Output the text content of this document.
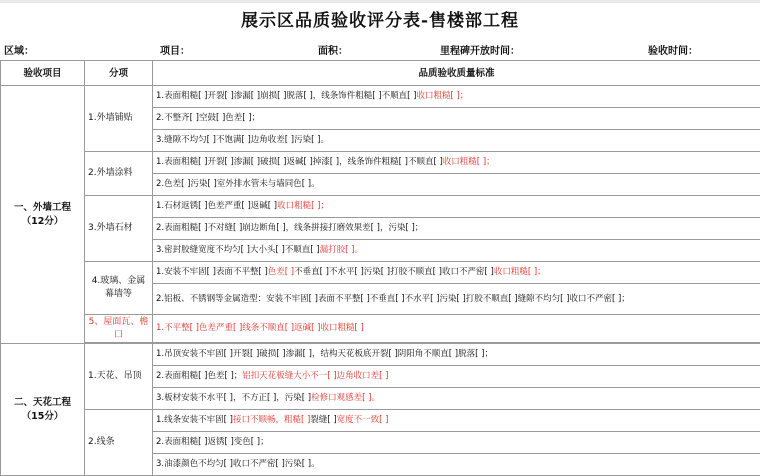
展示区品质验收评分表-售楼部工程
区域：	项目：	面积：	里程碑开放时间：	验收时间：
验收项目	分项	品质验收质量标准

一、外墙工程
（12分）	1.外墙铺贴	1.表面粗糙[ ]开裂[ ]渗漏[ ]崩损[ ]脱落[ ]，线条饰件粗糙[ ]不顺直[ ]收口粗糙[ ]；
		2.不整齐[ ]空鼓[ ]色差[ ]；
		3.缝隙不均匀[ ]不饱满[ ]边角收差[ ]污染[ ]。
	2.外墙涂料	1.表面粗糙[ ]开裂[ ]渗漏[ ]破损[ ]返碱[ ]掉漆[ ]，线条饰件粗糙[ ]不顺直[ ]收口粗糙[ ]；
		2.色差[ ]污染[ ]室外排水管未与墙同色[ ]。
	3.外墙石材	1.石材返锈[ ]色差严重[ ]返碱[ ]收口粗糙[ ]；
		2.表面粗糙[ ]不对缝[ ]崩边断角[ ]，线条拼接打磨效果差[ ]，污染[ ]；
		3.密封胶缝宽度不均匀[ ]大小头[ ]不顺直[ ]漏打胶[ ]。
	4.玻璃、金属 幕墙等	1.安装不牢固[ ]表面不平整[ ]色差[ ]不垂直[ ]不水平[ ]污染[ ]打胶不顺直[ ]收口不严密[ ]收口粗糙[ ]；
		2.铝板、不锈钢等金属造型：安装不牢固[ ]表面不平整[ ]不垂直[ ]不水平[ ]污染[ ]打胶不顺直[ ]缝隙不均匀[ ]收口不严密[ ]；
	5、屋面瓦、檐口	1.不平整[ ]色差严重[ ]线条不顺直[ ]返碱[ ]收口粗糙[ ]

二、天花工程
（15分）	1.天花、吊顶	1.吊顶安装不牢固[ ]开裂[ ]破损[ ]渗漏[ ]，结构天花板底开裂[ ]阴阳角不顺直[ ]脱落[ ]；
		2.表面粗糙[ ]色差[ ]；铝扣天花板缝大小不一[ ]边角收口差[ ]
		3.板材安装不水平[ ]，不方正[ ]，污染[ ]检修口观感差[ ]。
	2.线条	1.线条安装不牢固[ ]接口不顺畅，粗糙[ ]裂缝[ ]宽度不一致[ ]
		2.表面粗糙[ ]返锈[ ]变色[ ]；
		3.油漆颜色不均匀[ ]收口不严密[ ]污染[ ]。
